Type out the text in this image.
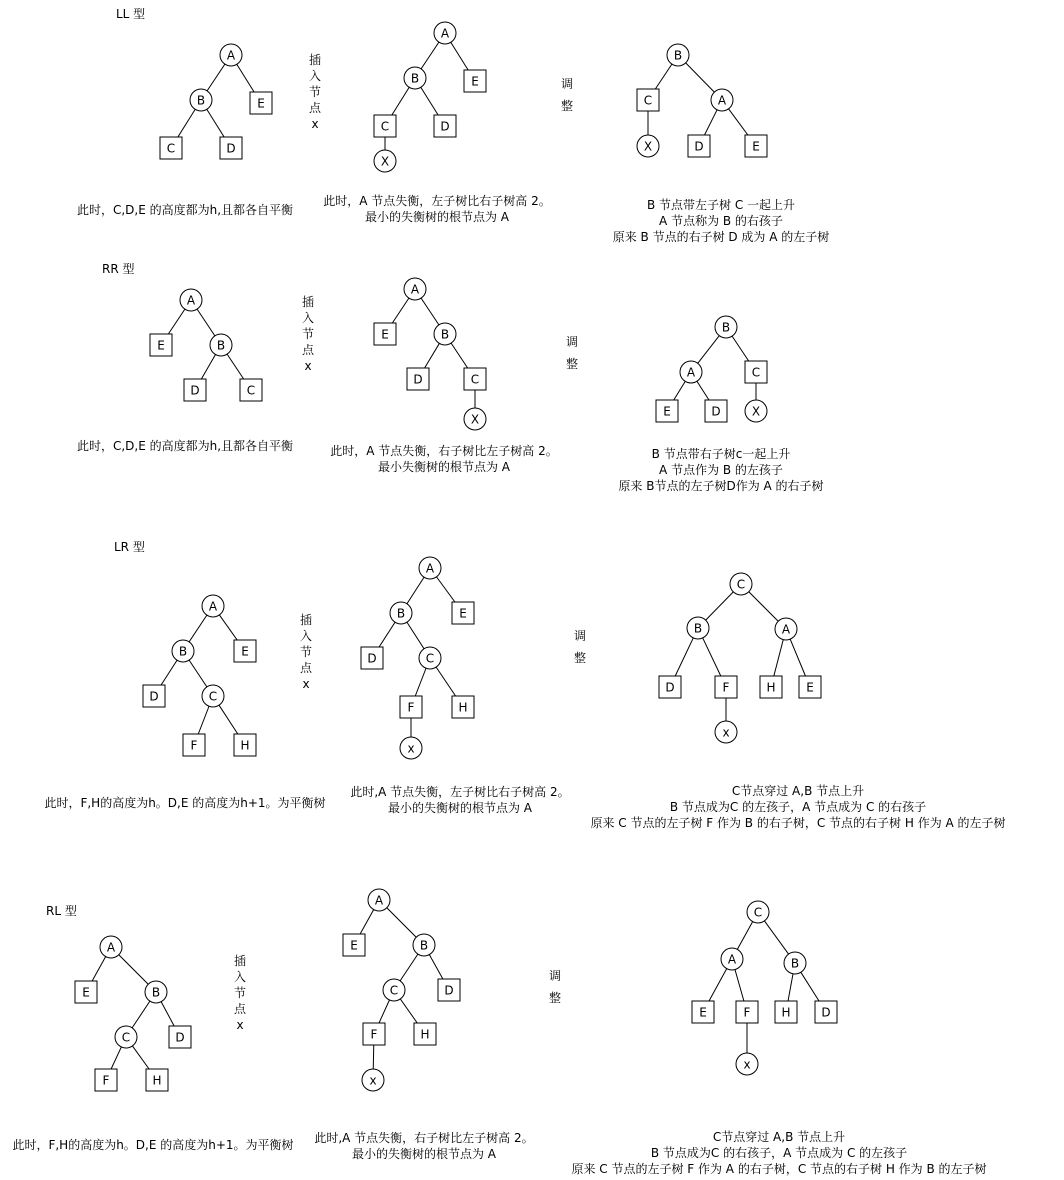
LL 型
插
入
节
点
x
调
整
A
B	E
C	D
A
B	E
C	D
X
B
C	A
X	D	E
此时，C,D,E 的高度都为h,且都各自平衡
此时，A 节点失衡，左子树比右子树高 2。
最小的失衡树的根节点为 A
B 节点带左子树 C 一起上升
A 节点称为 B 的右孩子
原来 B 节点的右子树 D 成为 A 的左子树
RR 型
插
入
节
点
x
调
整
A
E	B
D	C
A
E	B
D	C
X
B
A	C
E	D	X
此时，C,D,E 的高度都为h,且都各自平衡	此时，A 节点失衡，右子树比左子树高 2。
最小失衡树的根节点为 A
B 节点带右子树c一起上升
A 节点作为 B 的左孩子
原来 B节点的左子树D作为 A 的右子树
LR 型
插
入
节
点
x
调
整
A
B	E
D	C
F	H
A
B	E
D	C
F	H
x
C
B	A
D	F	H	E
x
此时，F,H的高度为h。D,E 的高度为h+1。为平衡树
此时,A 节点失衡，左子树比右子树高 2。
最小的失衡树的根节点为 A
C节点穿过 A,B 节点上升
B 节点成为C 的左孩子，A 节点成为 C 的右孩子
原来 C 节点的左子树 F 作为 B 的右子树，C 节点的右子树 H 作为 A 的左子树
RL 型
插
入
节
点
x
调
整
A
E	B
C	D
F	H
A
E	B
C	D
F	H
x
C
A	B
E	F	H	D
x
此时，F,H的高度为h。D,E 的高度为h+1。为平衡树 此时,A 节点失衡，右子树比左子树高 2。
最小的失衡树的根节点为 A
C节点穿过 A,B 节点上升
B 节点成为C 的右孩子，A 节点成为 C 的左孩子
原来 C 节点的左子树 F 作为 A 的右子树，C 节点的右子树 H 作为 B 的左子树
